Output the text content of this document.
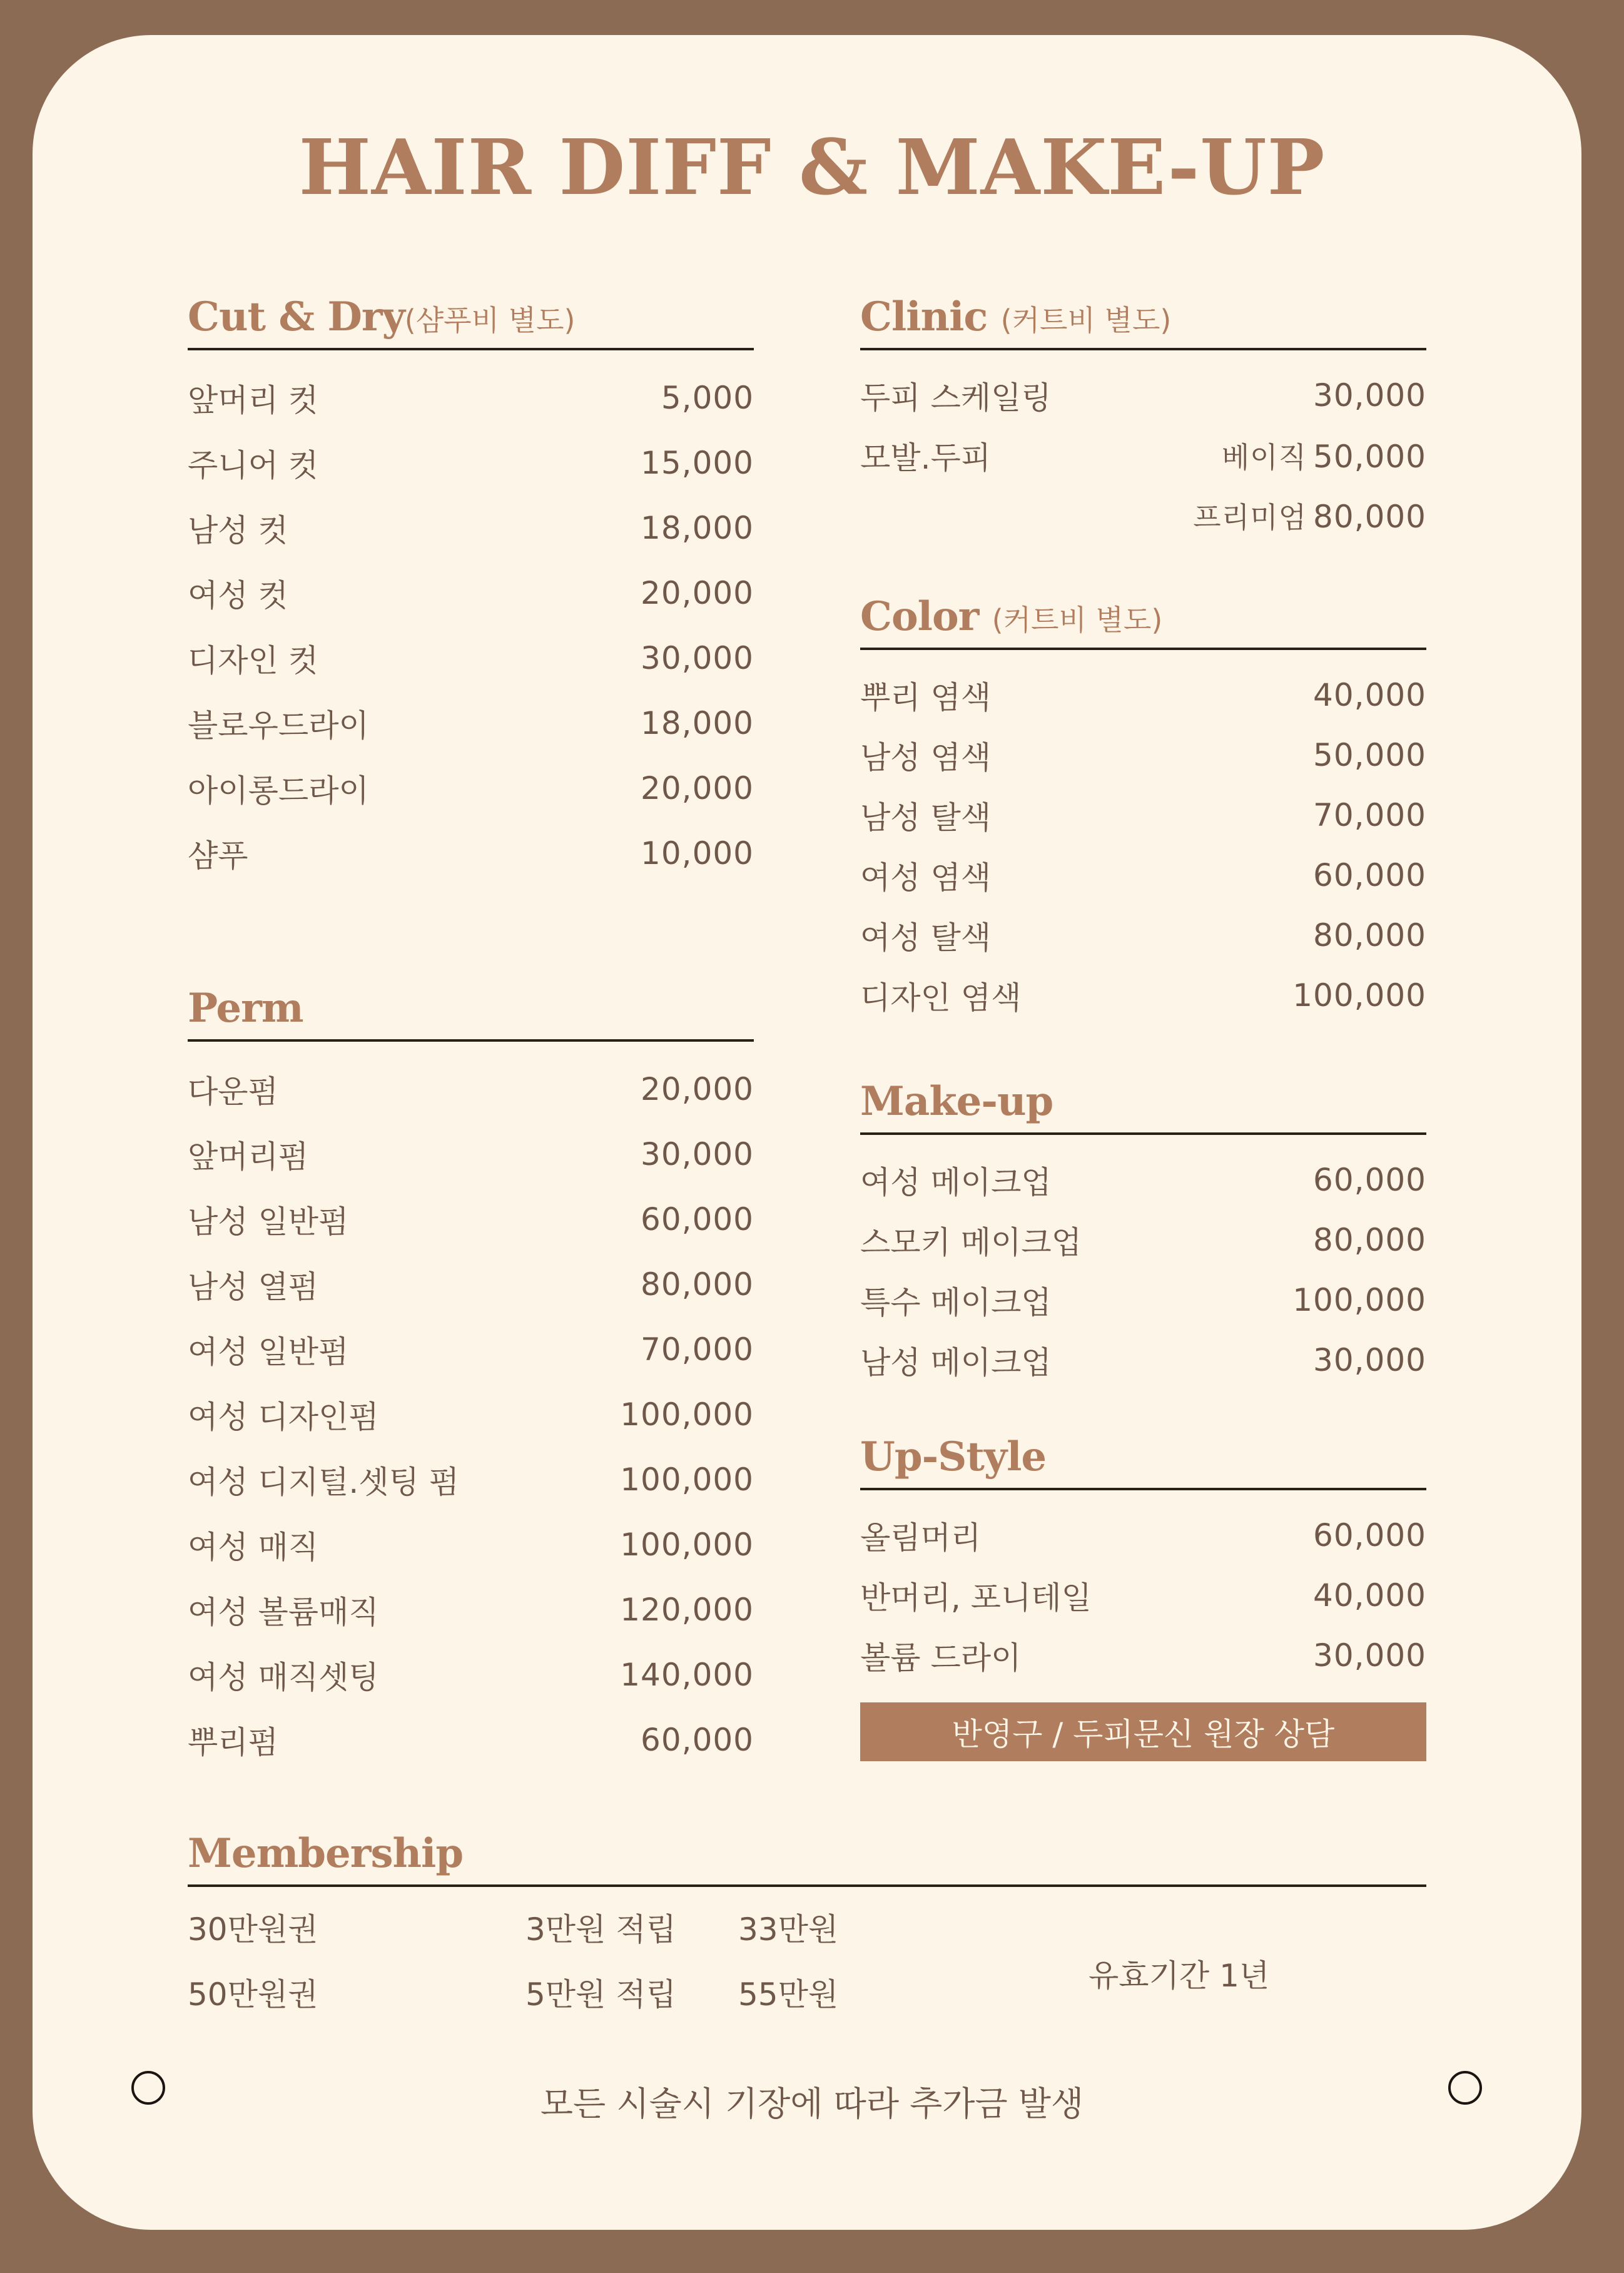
HAIR DIFF & MAKE-UP
Cut & Dry(샴푸비 별도)
앞머리 컷	5,000
주니어 컷	15,000
남성 컷	18,000
여성 컷	20,000
디자인 컷	30,000
블로우드라이	18,000
아이롱드라이	20,000
샴푸	10,000
Perm
다운펌	20,000
앞머리펌	30,000
남성 일반펌	60,000
남성 열펌	80,000
여성 일반펌	70,000
여성 디자인펌	100,000
여성 디지털.셋팅 펌	100,000
여성 매직	100,000
여성 볼륨매직	120,000
여성 매직셋팅	140,000
뿌리펌	60,000
Clinic (커트비 별도)
두피 스케일링	30,000
모발.두피	베이직 50,000
프리미엄 80,000
Color (커트비 별도)
뿌리 염색	40,000
남성 염색	50,000
남성 탈색	70,000
여성 염색	60,000
여성 탈색	80,000
디자인 염색	100,000
Make-up
여성 메이크업	60,000
스모키 메이크업	80,000
특수 메이크업	100,000
남성 메이크업	30,000
Up-Style
올림머리	60,000
반머리, 포니테일	40,000
볼륨 드라이	30,000
반영구 / 두피문신 원장 상담
Membership
30만원권	3만원 적립 33만원
50만원권	5만원 적립 55만원
유효기간 1년
모든 시술시 기장에 따라 추가금 발생
